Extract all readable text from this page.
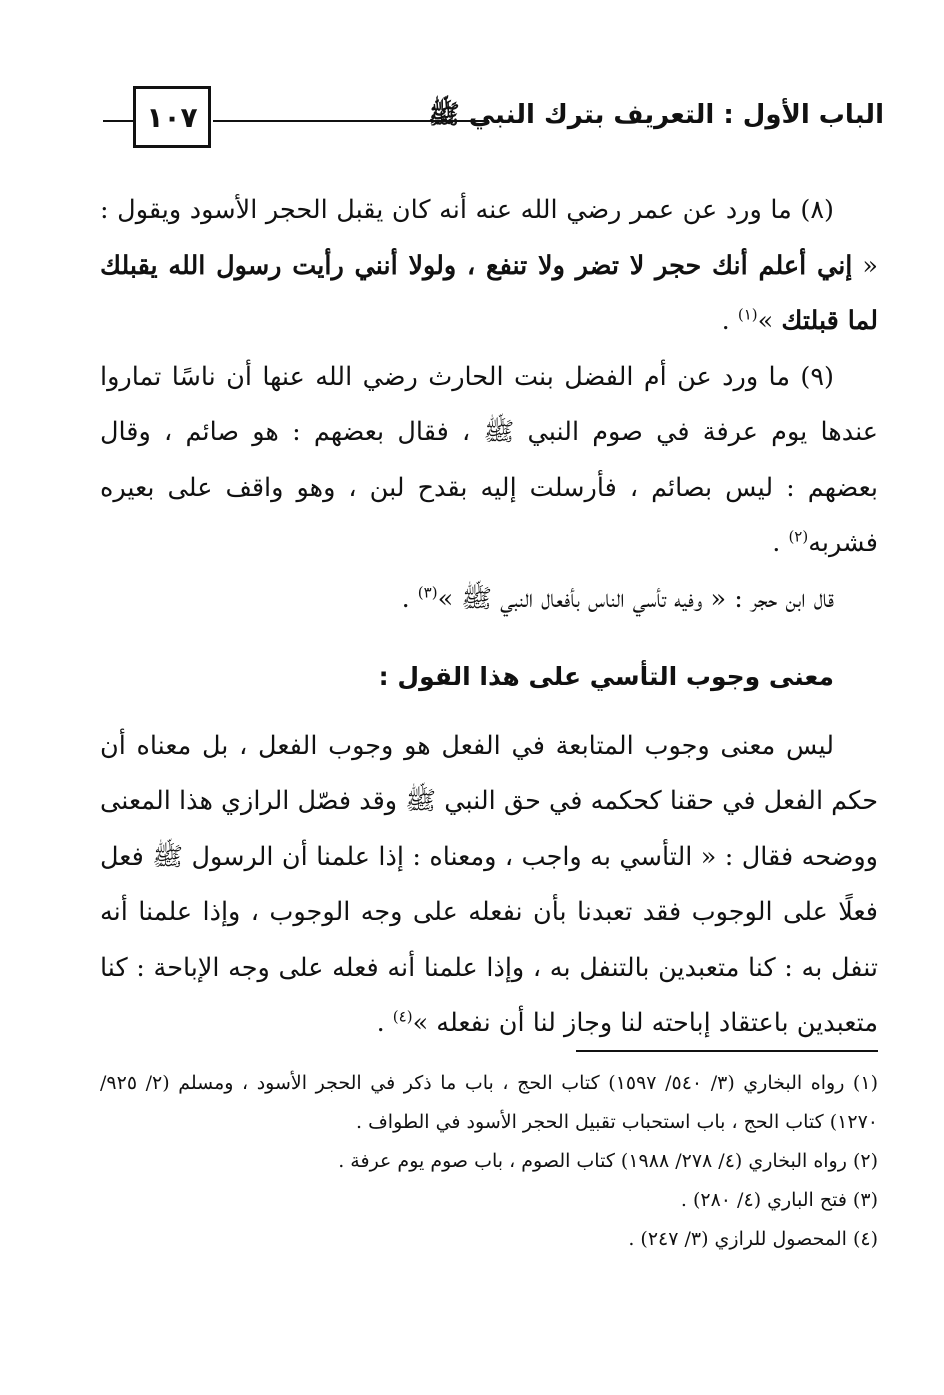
الباب الأول : التعريف بترك النبي ﷺ
١٠٧

(٨) ما ورد عن عمر رضي الله عنه أنه كان يقبل الحجر الأسود ويقول : « إني أعلم أنك حجر لا تضر ولا تنفع ، ولولا أنني رأيت رسول الله يقبلك لما قبلتك »$^{(١)}$ .

(٩) ما ورد عن أم الفضل بنت الحارث رضي الله عنها أن ناسًا تماروا عندها يوم عرفة في صوم النبي ﷺ ، فقال بعضهم : هو صائم ، وقال بعضهم : ليس بصائم ، فأرسلت إليه بقدح لبن ، وهو واقف على بعيره فشربه$^{(٢)}$ .

قال ابن حجر : « وفيه تأسي الناس بأفعال النبي ﷺ »$^{(٣)}$ .

معنى وجوب التأسي على هذا القول :

ليس معنى وجوب المتابعة في الفعل هو وجوب الفعل ، بل معناه أن حكم الفعل في حقنا كحكمه في حق النبي ﷺ وقد فصّل الرازي هذا المعنى ووضحه فقال : « التأسي به واجب ، ومعناه : إذا علمنا أن الرسول ﷺ فعل فعلًا على الوجوب فقد تعبدنا بأن نفعله على وجه الوجوب ، وإذا علمنا أنه تنفل به : كنا متعبدين بالتنفل به ، وإذا علمنا أنه فعله على وجه الإباحة : كنا متعبدين باعتقاد إباحته لنا وجاز لنا أن نفعله »$^{(٤)}$ .

(١) رواه البخاري (٣/ ٥٤٠/ ١٥٩٧) كتاب الحج ، باب ما ذكر في الحجر الأسود ، ومسلم (٢/ ٩٢٥/ ١٢٧٠) كتاب الحج ، باب استحباب تقبيل الحجر الأسود في الطواف .

(٢) رواه البخاري (٤/ ٢٧٨/ ١٩٨٨) كتاب الصوم ، باب صوم يوم عرفة .

(٣) فتح الباري (٤/ ٢٨٠) .

(٤) المحصول للرازي (٣/ ٢٤٧) .
